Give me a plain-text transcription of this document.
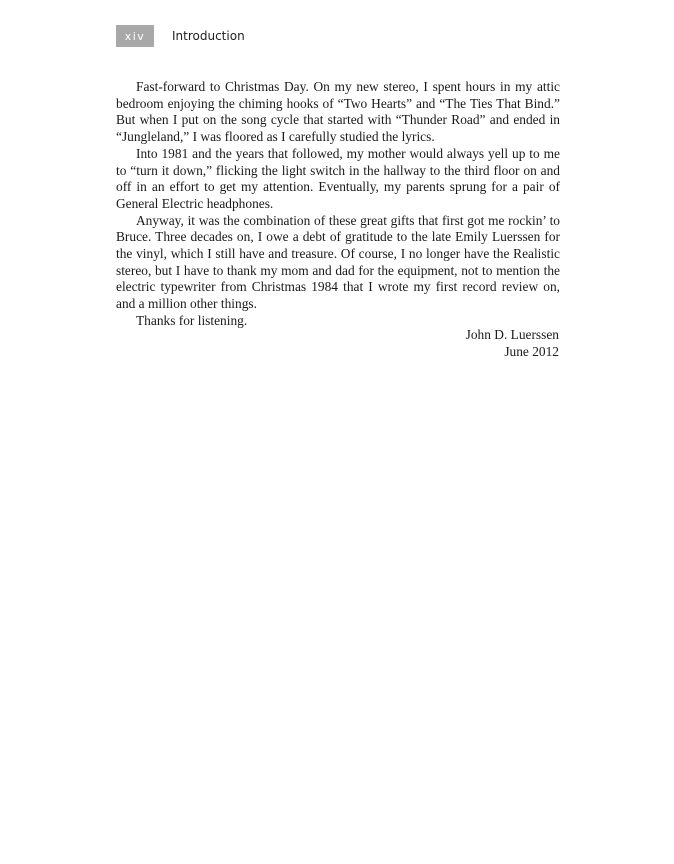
xiv	Introduction

Fast-forward to Christmas Day. On my new stereo, I spent hours in my attic bedroom enjoying the chiming hooks of “Two Hearts” and “The Ties That Bind.” But when I put on the song cycle that started with “Thunder Road” and ended in “Jungleland,” I was floored as I carefully studied the lyrics.

Into 1981 and the years that followed, my mother would always yell up to me to “turn it down,” flicking the light switch in the hallway to the third floor on and off in an effort to get my attention. Eventually, my parents sprung for a pair of General Electric headphones.

Anyway, it was the combination of these great gifts that first got me rockin’ to Bruce. Three decades on, I owe a debt of gratitude to the late Emily Luerssen for the vinyl, which I still have and treasure. Of course, I no longer have the Realistic stereo, but I have to thank my mom and dad for the equipment, not to mention the electric typewriter from Christmas 1984 that I wrote my first record review on, and a million other things.

Thanks for listening.

John D. Luerssen
June 2012
